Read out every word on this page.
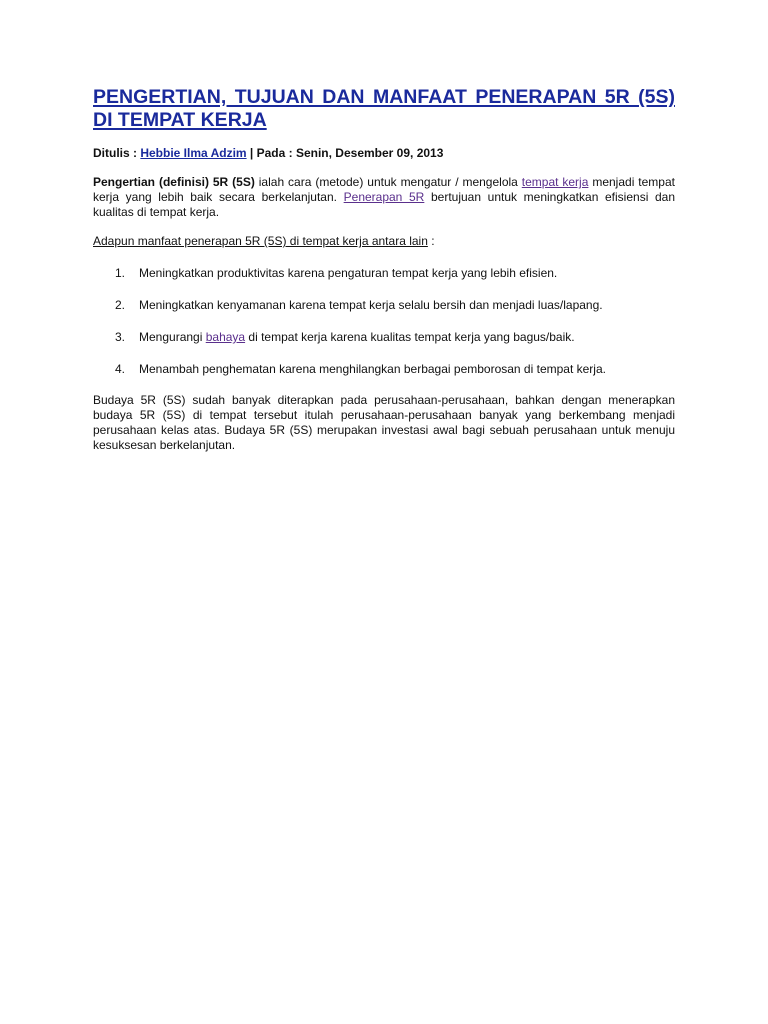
PENGERTIAN, TUJUAN DAN MANFAAT PENERAPAN 5R (5S) DI TEMPAT KERJA
Ditulis : Hebbie Ilma Adzim | Pada : Senin, Desember 09, 2013

Pengertian (definisi) 5R (5S) ialah cara (metode) untuk mengatur / mengelola tempat kerja menjadi tempat kerja yang lebih baik secara berkelanjutan. Penerapan 5R bertujuan untuk meningkatkan efisiensi dan kualitas di tempat kerja.

Adapun manfaat penerapan 5R (5S) di tempat kerja antara lain :

1. Meningkatkan produktivitas karena pengaturan tempat kerja yang lebih efisien.
2. Meningkatkan kenyamanan karena tempat kerja selalu bersih dan menjadi luas/lapang.
3. Mengurangi bahaya di tempat kerja karena kualitas tempat kerja yang bagus/baik.
4. Menambah penghematan karena menghilangkan berbagai pemborosan di tempat kerja.

Budaya 5R (5S) sudah banyak diterapkan pada perusahaan-perusahaan, bahkan dengan menerapkan budaya 5R (5S) di tempat tersebut itulah perusahaan-perusahaan banyak yang berkembang menjadi perusahaan kelas atas. Budaya 5R (5S) merupakan investasi awal bagi sebuah perusahaan untuk menuju kesuksesan berkelanjutan.
